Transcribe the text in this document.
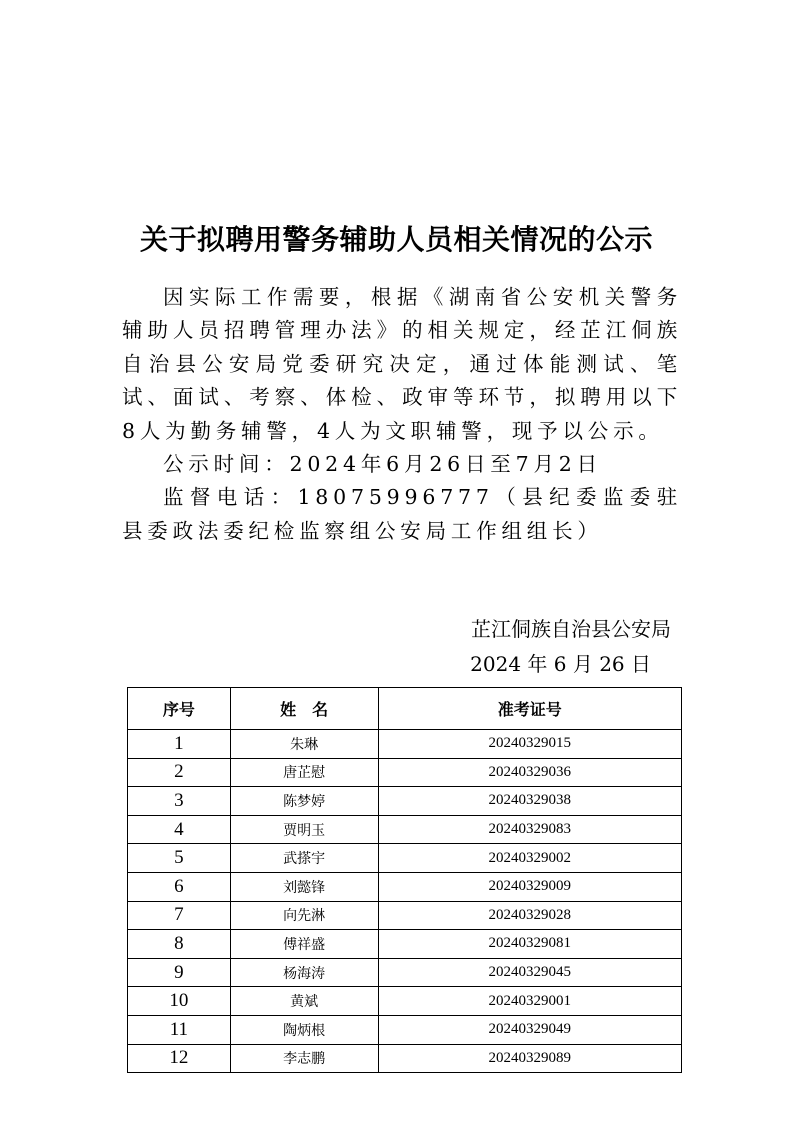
关于拟聘用警务辅助人员相关情况的公示

因实际工作需要，根据《湖南省公安机关警务辅助人员招聘管理办法》的相关规定，经芷江侗族自治县公安局党委研究决定，通过体能测试、笔试、面试、考察、体检、政审等环节，拟聘用以下8人为勤务辅警，4人为文职辅警，现予以公示。

公示时间：2024年6月26日至7月2日

监督电话：18075996777（县纪委监委驻县委政法委纪检监察组公安局工作组组长）

芷江侗族自治县公安局
2024 年 6 月 26 日
序号	姓　名	准考证号
1	朱琳	20240329015
2	唐芷慰	20240329036
3	陈梦婷	20240329038
4	贾明玉	20240329083
5	武搽宇	20240329002
6	刘懿锋	20240329009
7	向先淋	20240329028
8	傅祥盛	20240329081
9	杨海涛	20240329045
10	黄斌	20240329001
11	陶炳根	20240329049
12	李志鹏	20240329089
